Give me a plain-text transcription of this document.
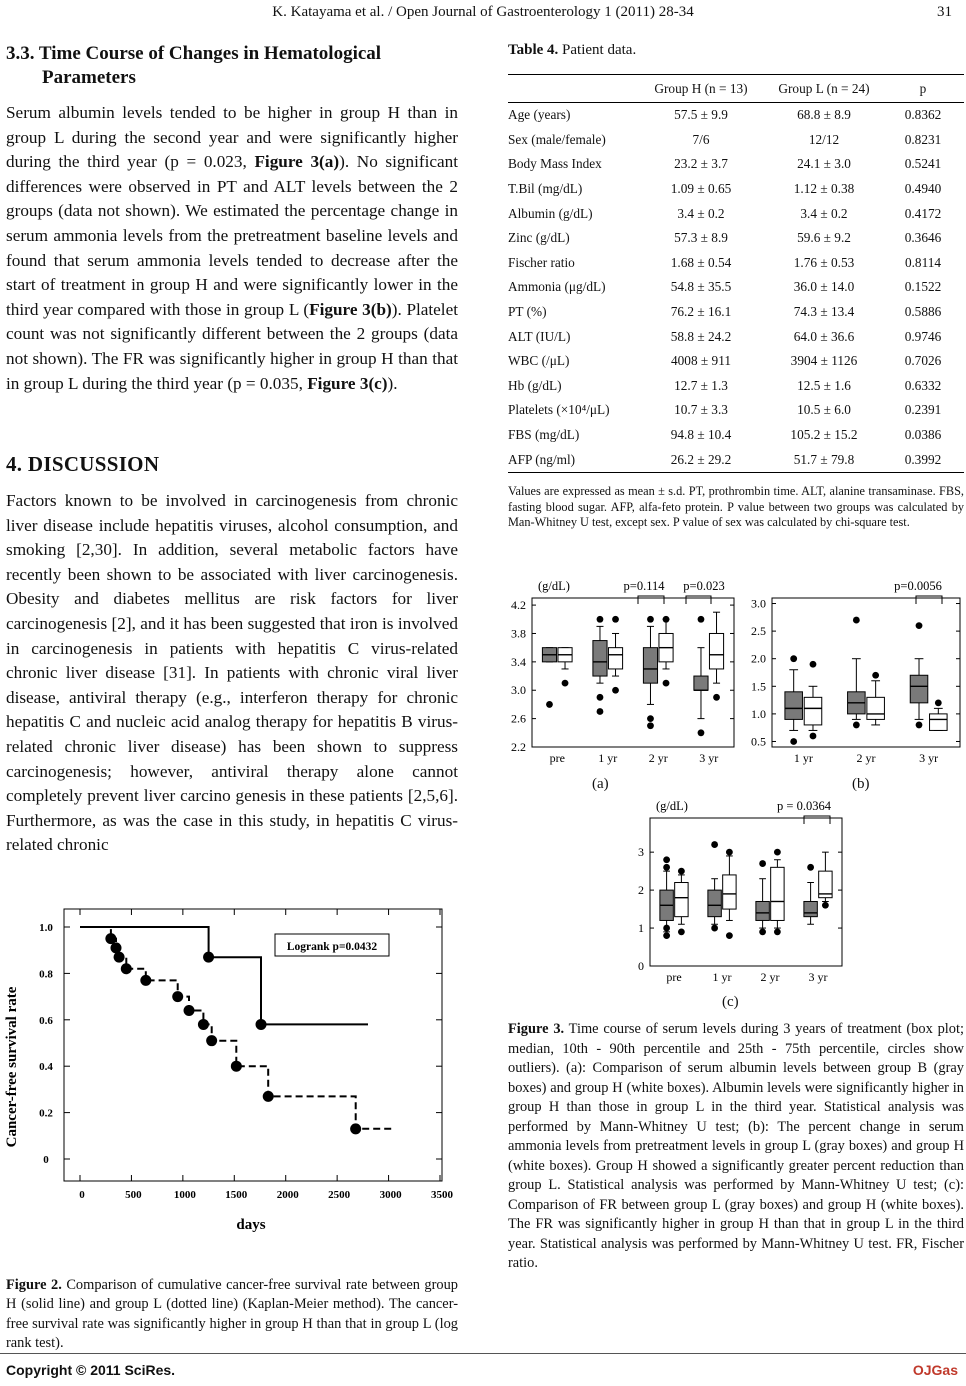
K. Katayama et al. / Open Journal of Gastroenterology 1 (2011) 28-34	31
3.3. Time Course of Changes in Hematological
Parameters

Serum albumin levels tended to be higher in group H than in group L during the second year and were significantly higher during the third year (p = 0.023, Figure 3(a)). No significant differences were observed in PT and ALT levels between the 2 groups (data not shown). We estimated the percentage change in serum ammonia levels from the pretreatment baseline levels and found that serum ammonia levels tended to decrease after the start of treatment in group H and were significantly lower in the third year compared with those in group L (Figure 3(b)). Platelet count was not significantly different between the 2 groups (data not shown). The FR was significantly higher in group H than that in group L during the third year (p = 0.035, Figure 3(c)).

4. DISCUSSION

Factors known to be involved in carcinogenesis from chronic liver disease include hepatitis viruses, alcohol consumption, and smoking [2,30]. In addition, several metabolic factors have recently been shown to be associated with liver carcinogenesis. Obesity and diabetes mellitus are risk factors for liver carcinogenesis [2], and it has been suggested that iron is involved in carcinogenesis in patients with hepatitis C virus-related chronic liver disease [31]. In patients with chronic viral liver disease, antiviral therapy (e.g., interferon therapy for chronic hepatitis C and nucleic acid analog therapy for hepatitis B virus-related chronic liver disease) has been shown to suppress carcinogenesis; however, antiviral therapy alone cannot completely prevent liver carcino genesis in these patients [2,5,6]. Furthermore, as was the case in this study, in hepatitis C virus-related chronic

0
0.2
0.4
0.6
0.8
1.0
0	500	1000	1500	2000	2500	3000	3500
Logrank p=0.0432
days
Cancer-free survival rate
Figure 2. Comparison of cumulative cancer-free survival rate between group H (solid line) and group L (dotted line) (Kaplan-Meier method). The cancer-free survival rate was significantly higher in group H than that in group L (log rank test).
Table 4. Patient data.
	Group H (n = 13)	Group L (n = 24)	p
Age (years)	57.5 ± 9.9	68.8 ± 8.9	0.8362
Sex (male/female)	7/6	12/12	0.8231
Body Mass Index	23.2 ± 3.7	24.1 ± 3.0	0.5241
T.Bil (mg/dL)	1.09 ± 0.65	1.12 ± 0.38	0.4940
Albumin (g/dL)	3.4 ± 0.2	3.4 ± 0.2	0.4172
Zinc (g/dL)	57.3 ± 8.9	59.6 ± 9.2	0.3646
Fischer ratio	1.68 ± 0.54	1.76 ± 0.53	0.8114
Ammonia (μg/dL)	54.8 ± 35.5	36.0 ± 14.0	0.1522
PT (%)	76.2 ± 16.1	74.3 ± 13.4	0.5886
ALT (IU/L)	58.8 ± 24.2	64.0 ± 36.6	0.9746
WBC (/μL)	4008 ± 911	3904 ± 1126	0.7026
Hb (g/dL)	12.7 ± 1.3	12.5 ± 1.6	0.6332
Platelets (×10⁴/μL)	10.7 ± 3.3	10.5 ± 6.0	0.2391
FBS (mg/dL)	94.8 ± 10.4	105.2 ± 15.2	0.0386
AFP (ng/ml)	26.2 ± 29.2	51.7 ± 79.8	0.3992
Values are expressed as mean ± s.d. PT, prothrombin time. ALT, alanine transaminase. FBS, fasting blood sugar. AFP, alfa-feto protein. P value between two groups was calculated by Man-Whitney U test, except sex. P value of sex was calculated by chi-square test.
(g/dL)
2.2
2.6
3.0
3.4
3.8
4.2
pre	1 yr	2 yr	3 yr
p=0.114 p=0.023
0.5
1.0
1.5
2.0
2.5
3.0
1 yr	2 yr	3 yr
p=0.0056
(a)	(b)
(g/dL)
0
1
2
3
pre	1 yr 2 yr 3 yr
p = 0.0364
(c)
Figure 3. Time course of serum levels during 3 years of treatment (box plot; median, 10th - 90th percentile and 25th - 75th percentile, circles show outliers). (a): Comparison of serum albumin levels between group B (gray boxes) and group H (white boxes). Albumin levels were significantly higher in group H than those in group L in the third year. Statistical analysis was performed by Mann-Whitney U test; (b): The percent change in serum ammonia levels from pretreatment levels in group L (gray boxes) and group H (white boxes). Group H showed a significantly greater percent reduction than group L. Statistical analysis was performed by Mann-Whitney U test; (c): Comparison of FR between group L (gray boxes) and group H (white boxes). The FR was significantly higher in group H than that in group L in the third year. Statistical analysis was performed by Mann-Whitney U test. FR, Fischer ratio.
Copyright © 2011 SciRes.	OJGas
